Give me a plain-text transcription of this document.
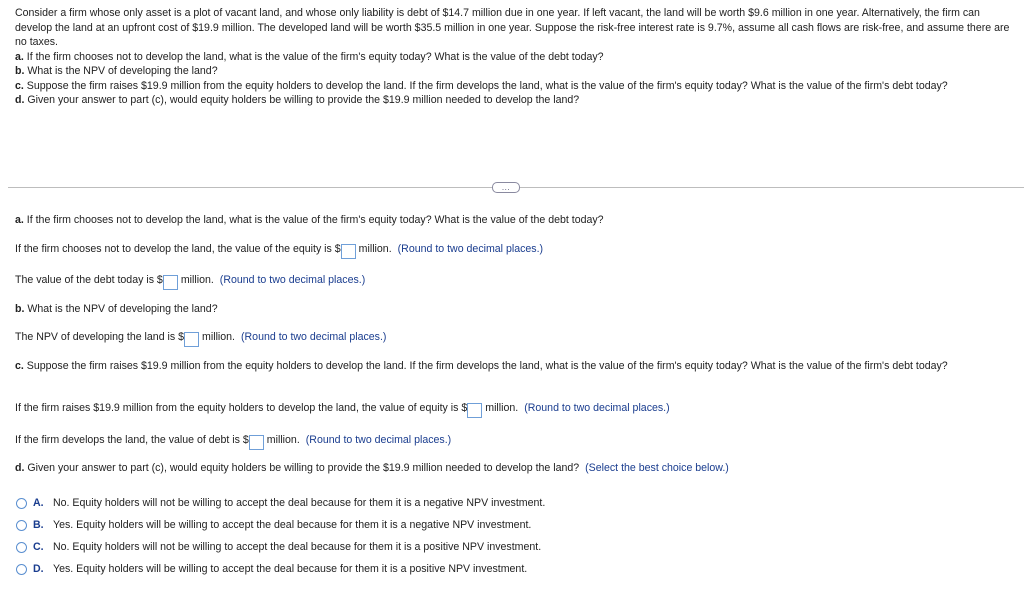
Consider a firm whose only asset is a plot of vacant land, and whose only liability is debt of $14.7 million due in one year. If left vacant, the land will be worth $9.6 million in one year. Alternatively, the firm can develop the land at an upfront cost of $19.9 million. The developed land will be worth $35.5 million in one year. Suppose the risk-free interest rate is 9.7%, assume all cash flows are risk-free, and assume there are no taxes.

a. If the firm chooses not to develop the land, what is the value of the firm's equity today? What is the value of the debt today?

b. What is the NPV of developing the land?

c. Suppose the firm raises $19.9 million from the equity holders to develop the land. If the firm develops the land, what is the value of the firm's equity today? What is the value of the firm's debt today?

d. Given your answer to part (c), would equity holders be willing to provide the $19.9 million needed to develop the land?

...
a. If the firm chooses not to develop the land, what is the value of the firm's equity today? What is the value of the debt today?
If the firm chooses not to develop the land, the value of the equity is $ million. (Round to two decimal places.)
The value of the debt today is $ million. (Round to two decimal places.)
b. What is the NPV of developing the land?
The NPV of developing the land is $ million. (Round to two decimal places.)
c. Suppose the firm raises $19.9 million from the equity holders to develop the land. If the firm develops the land, what is the value of the firm's equity today? What is the value of the firm's debt today?
If the firm raises $19.9 million from the equity holders to develop the land, the value of equity is $ million. (Round to two decimal places.)
If the firm develops the land, the value of debt is $ million. (Round to two decimal places.)
d. Given your answer to part (c), would equity holders be willing to provide the $19.9 million needed to develop the land? (Select the best choice below.)
A. No. Equity holders will not be willing to accept the deal because for them it is a negative NPV investment.
B. Yes. Equity holders will be willing to accept the deal because for them it is a negative NPV investment.
C. No. Equity holders will not be willing to accept the deal because for them it is a positive NPV investment.
D. Yes. Equity holders will be willing to accept the deal because for them it is a positive NPV investment.
